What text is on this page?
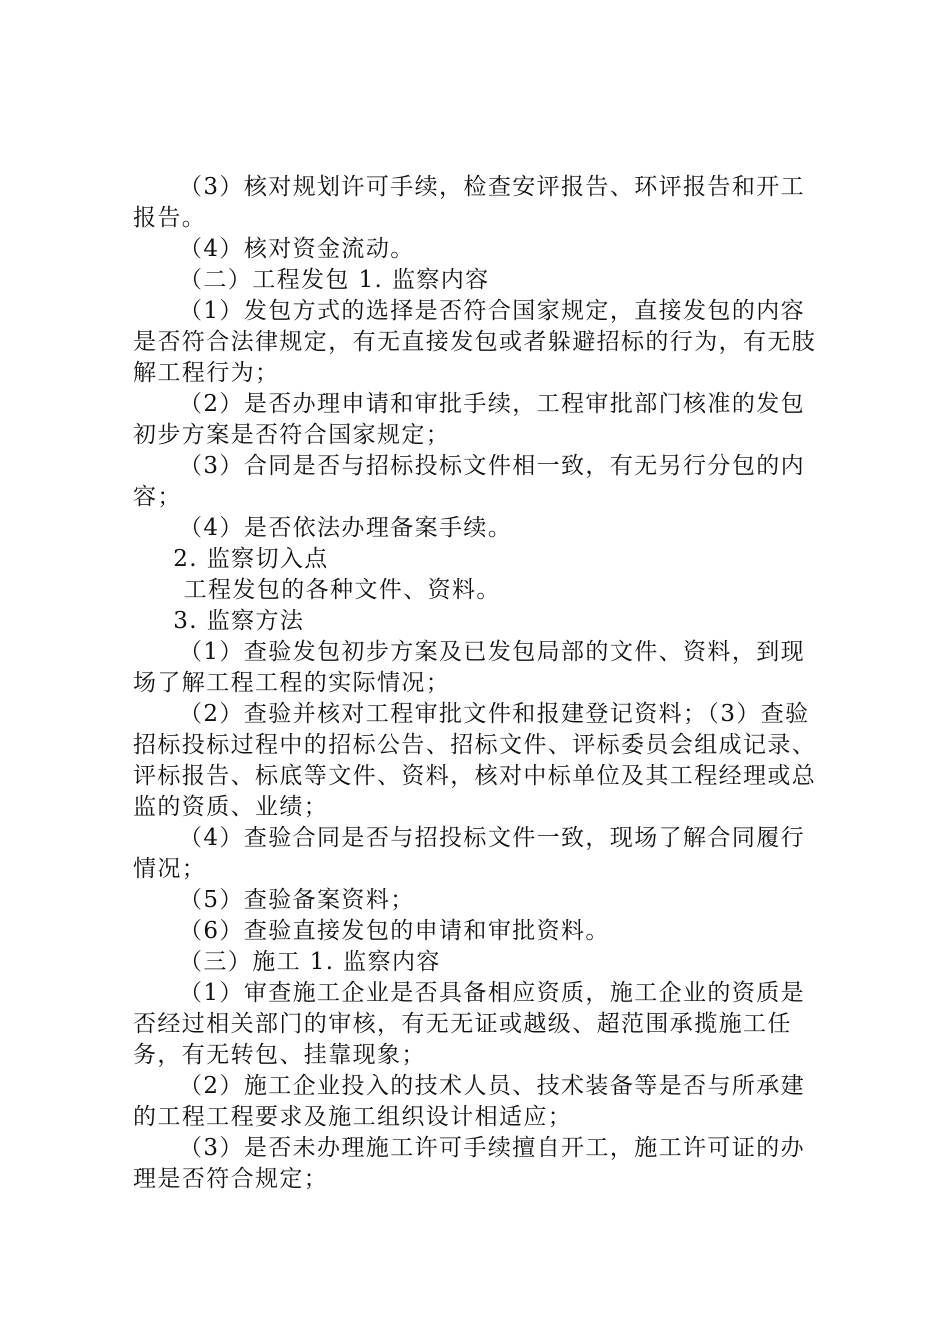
（3）核对规划许可手续，检查安评报告、环评报告和开工报告。

（4）核对资金流动。

（二）工程发包 1. 监察内容

（1）发包方式的选择是否符合国家规定，直接发包的内容是否符合法律规定，有无直接发包或者躲避招标的行为，有无肢解工程行为；

（2）是否办理申请和审批手续，工程审批部门核准的发包初步方案是否符合国家规定；

（3）合同是否与招标投标文件相一致，有无另行分包的内容；

（4）是否依法办理备案手续。

2. 监察切入点

工程发包的各种文件、资料。

3. 监察方法

（1）查验发包初步方案及已发包局部的文件、资料，到现场了解工程工程的实际情况；

（2）查验并核对工程审批文件和报建登记资料；（3）查验招标投标过程中的招标公告、招标文件、评标委员会组成记录、评标报告、标底等文件、资料，核对中标单位及其工程经理或总监的资质、业绩；

（4）查验合同是否与招投标文件一致，现场了解合同履行情况；

（5）查验备案资料；

（6）查验直接发包的申请和审批资料。

（三）施工 1. 监察内容

（1）审查施工企业是否具备相应资质，施工企业的资质是否经过相关部门的审核，有无无证或越级、超范围承揽施工任务，有无转包、挂靠现象；

（2）施工企业投入的技术人员、技术装备等是否与所承建的工程工程要求及施工组织设计相适应；

（3）是否未办理施工许可手续擅自开工，施工许可证的办理是否符合规定；
